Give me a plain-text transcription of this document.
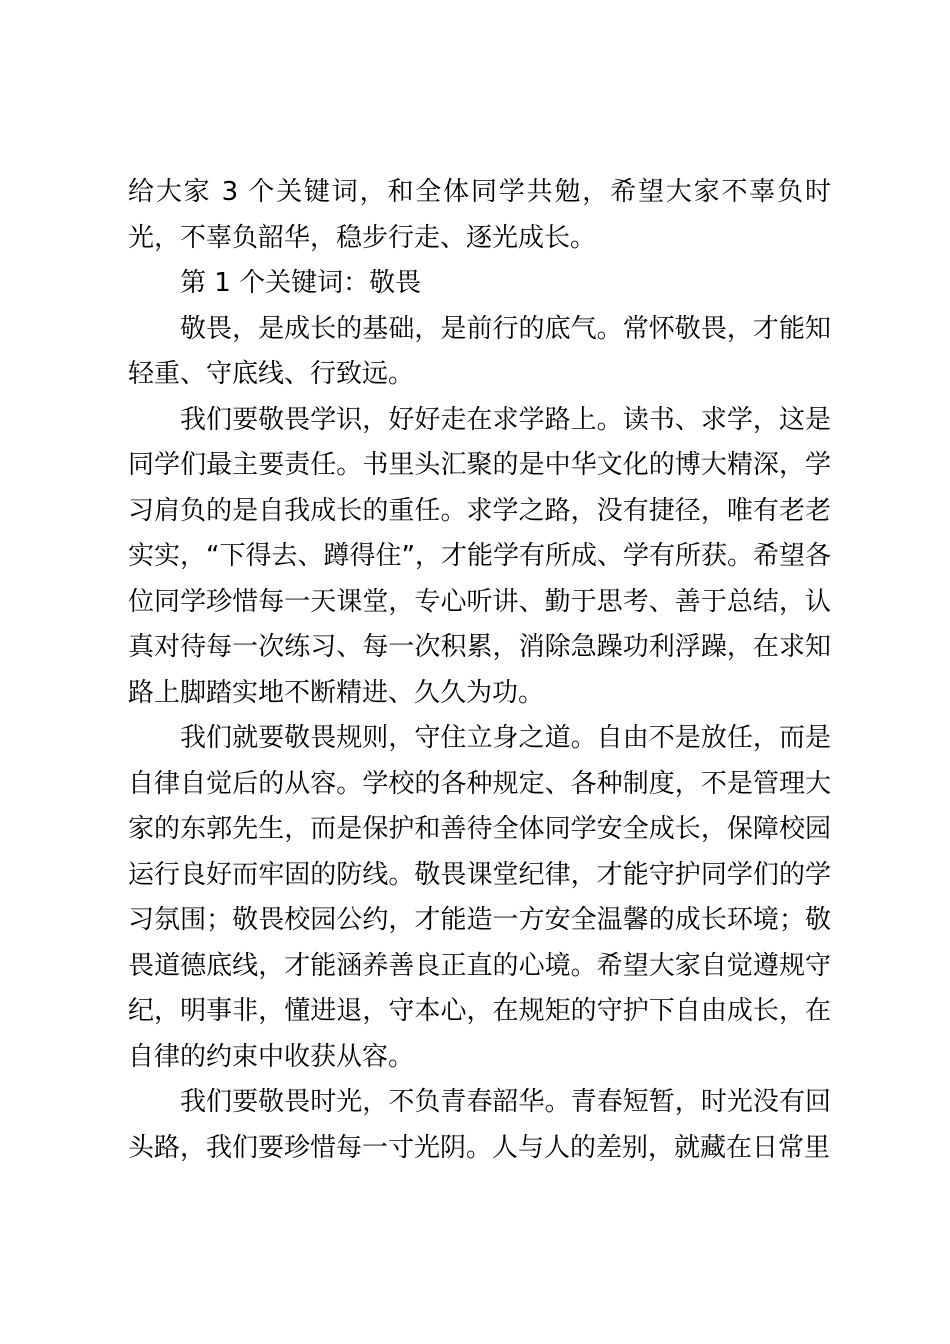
给大家 3 个关键词，和全体同学共勉，希望大家不辜负时光，不辜负韶华，稳步行走、逐光成长。

第 1 个关键词：敬畏

敬畏，是成长的基础，是前行的底气。常怀敬畏，才能知轻重、守底线、行致远。

我们要敬畏学识，好好走在求学路上。读书、求学，这是同学们最主要责任。书里头汇聚的是中华文化的博大精深，学习肩负的是自我成长的重任。求学之路，没有捷径，唯有老老实实，“下得去、蹲得住”，才能学有所成、学有所获。希望各位同学珍惜每一天课堂，专心听讲、勤于思考、善于总结，认真对待每一次练习、每一次积累，消除急躁功利浮躁，在求知路上脚踏实地不断精进、久久为功。

我们就要敬畏规则，守住立身之道。自由不是放任，而是自律自觉后的从容。学校的各种规定、各种制度，不是管理大家的东郭先生，而是保护和善待全体同学安全成长，保障校园运行良好而牢固的防线。敬畏课堂纪律，才能守护同学们的学习氛围；敬畏校园公约，才能造一方安全温馨的成长环境；敬畏道德底线，才能涵养善良正直的心境。希望大家自觉遵规守纪，明事非，懂进退，守本心，在规矩的守护下自由成长，在自律的约束中收获从容。

我们要敬畏时光，不负青春韶华。青春短暂，时光没有回头路，我们要珍惜每一寸光阴。人与人的差别，就藏在日常里
